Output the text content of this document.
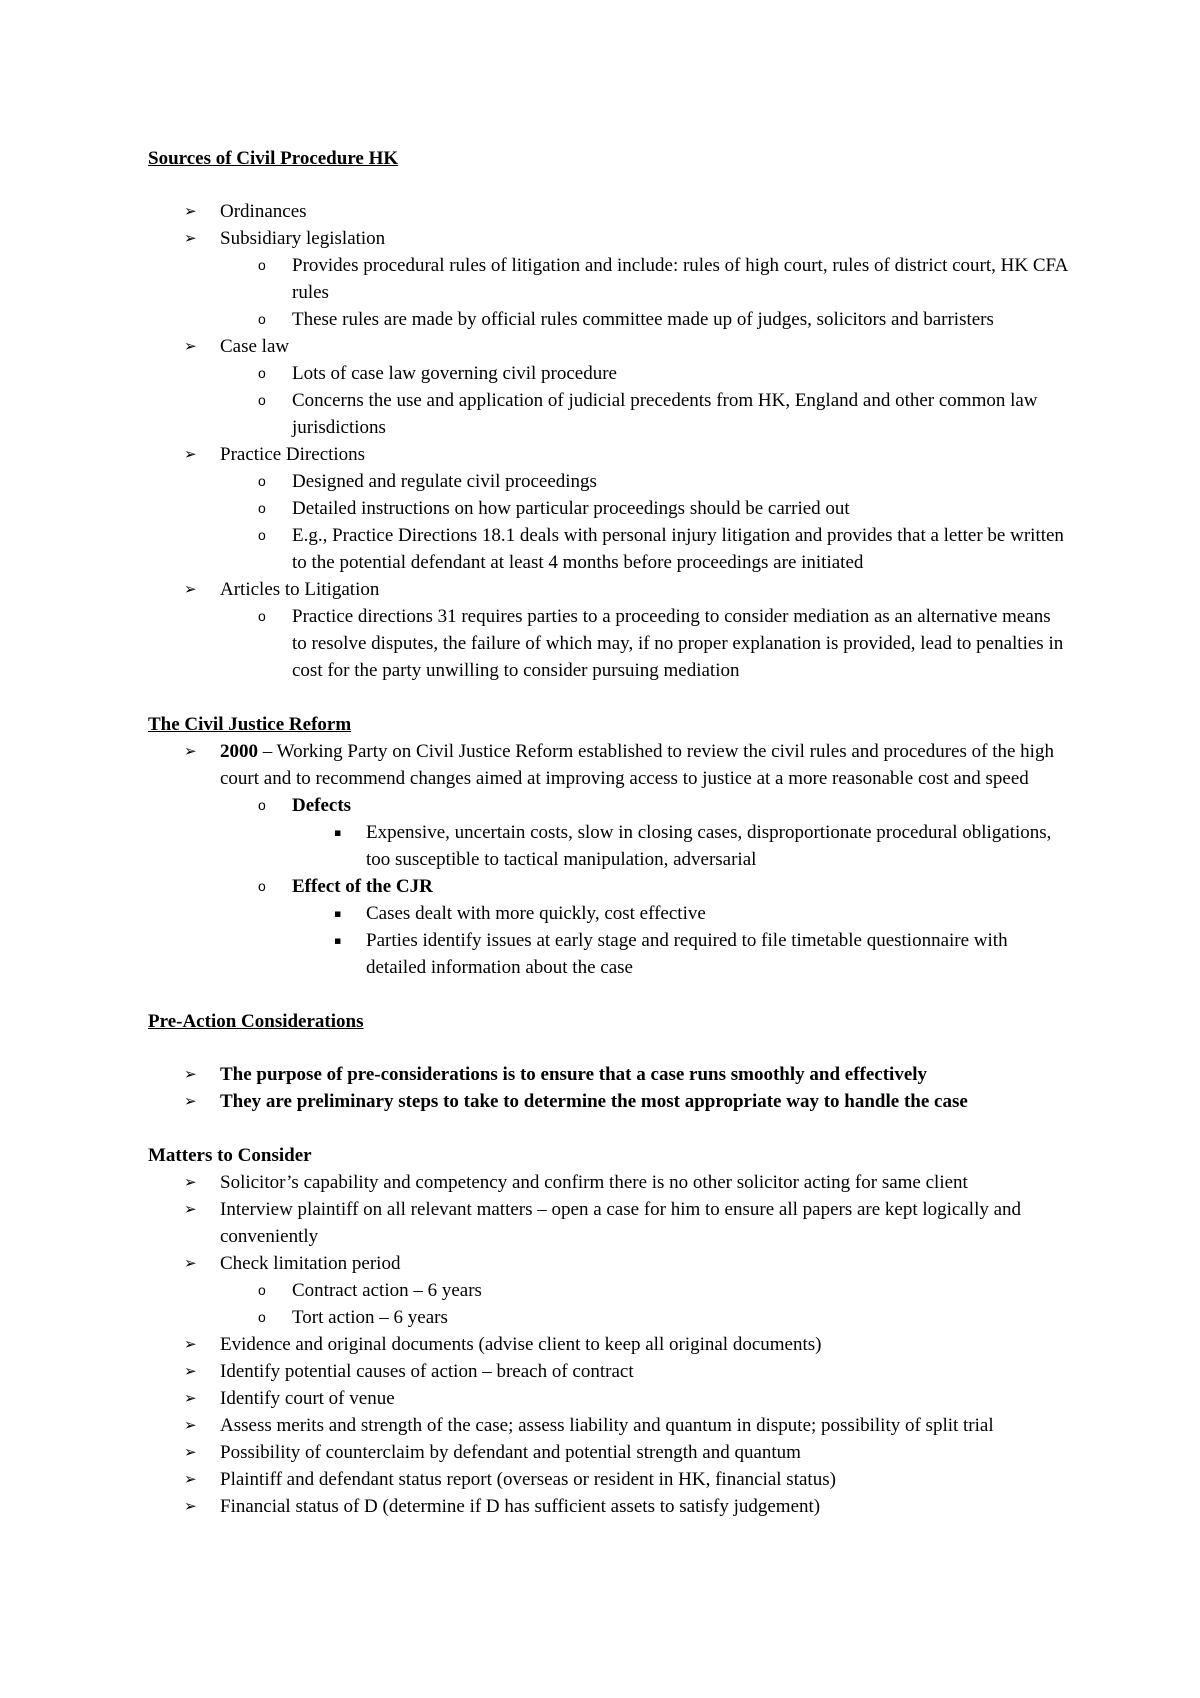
Sources of Civil Procedure HK

➢ Ordinances
➢ Subsidiary legislation
o Provides procedural rules of litigation and include: rules of high court, rules of district court, HK CFA rules
o These rules are made by official rules committee made up of judges, solicitors and barristers
➢ Case law
o Lots of case law governing civil procedure
o Concerns the use and application of judicial precedents from HK, England and other common law jurisdictions
➢ Practice Directions
o Designed and regulate civil proceedings
o Detailed instructions on how particular proceedings should be carried out
o E.g., Practice Directions 18.1 deals with personal injury litigation and provides that a letter be written to the potential defendant at least 4 months before proceedings are initiated
➢ Articles to Litigation
o Practice directions 31 requires parties to a proceeding to consider mediation as an alternative means to resolve disputes, the failure of which may, if no proper explanation is provided, lead to penalties in cost for the party unwilling to consider pursuing mediation

The Civil Justice Reform

➢ 2000 – Working Party on Civil Justice Reform established to review the civil rules and procedures of the high court and to recommend changes aimed at improving access to justice at a more reasonable cost and speed
o Defects
▪ Expensive, uncertain costs, slow in closing cases, disproportionate procedural obligations, too susceptible to tactical manipulation, adversarial
o Effect of the CJR
▪ Cases dealt with more quickly, cost effective
▪ Parties identify issues at early stage and required to file timetable questionnaire with detailed information about the case

Pre-Action Considerations

➢ The purpose of pre-considerations is to ensure that a case runs smoothly and effectively
➢ They are preliminary steps to take to determine the most appropriate way to handle the case

Matters to Consider

➢ Solicitor’s capability and competency and confirm there is no other solicitor acting for same client
➢ Interview plaintiff on all relevant matters – open a case for him to ensure all papers are kept logically and conveniently
➢ Check limitation period
o Contract action – 6 years
o Tort action – 6 years
➢ Evidence and original documents (advise client to keep all original documents)
➢ Identify potential causes of action – breach of contract
➢ Identify court of venue
➢ Assess merits and strength of the case; assess liability and quantum in dispute; possibility of split trial
➢ Possibility of counterclaim by defendant and potential strength and quantum
➢ Plaintiff and defendant status report (overseas or resident in HK, financial status)
➢ Financial status of D (determine if D has sufficient assets to satisfy judgement)
